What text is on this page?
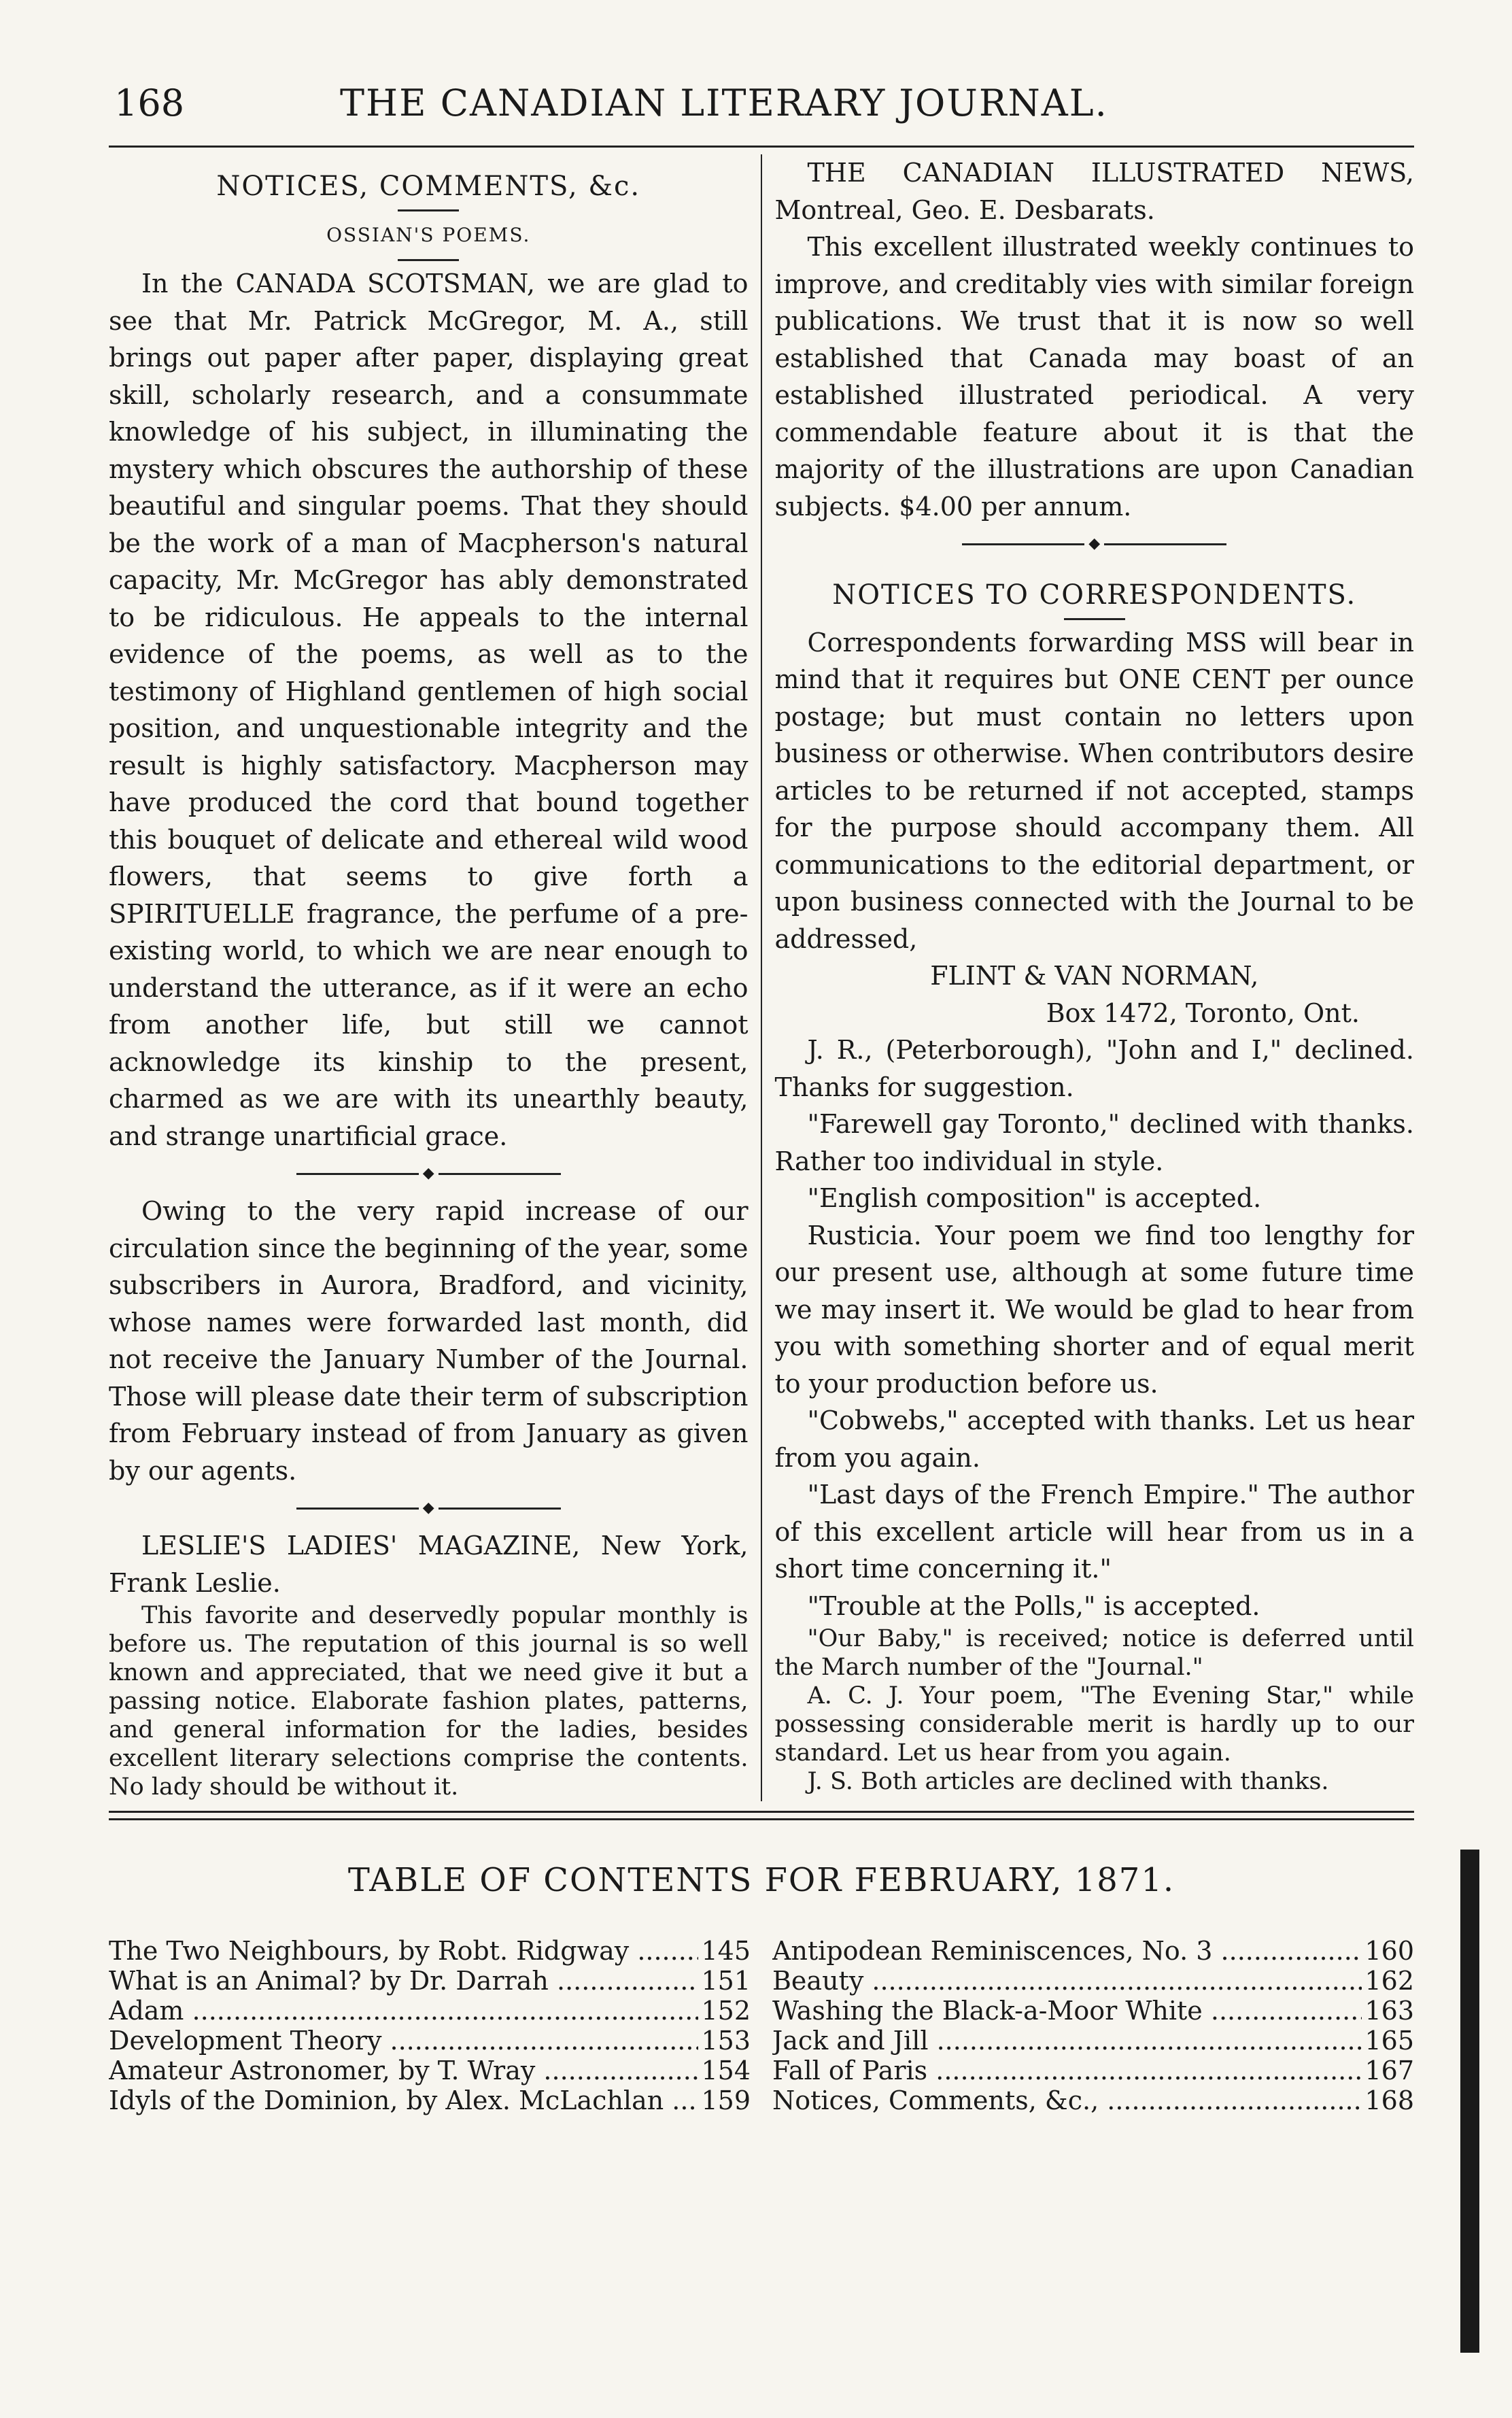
168	THE CANADIAN LITERARY JOURNAL.
NOTICES, COMMENTS, &c.
OSSIAN'S POEMS.

In the CANADA SCOTSMAN, we are glad to see that Mr. Patrick McGregor, M. A., still brings out paper after paper, displaying great skill, scholarly research, and a consummate knowledge of his subject, in illuminating the mystery which obscures the authorship of these beautiful and singular poems. That they should be the work of a man of Macpherson's natural capacity, Mr. McGregor has ably demonstrated to be ridiculous. He appeals to the internal evidence of the poems, as well as to the testimony of Highland gentlemen of high social position, and unquestionable integrity and the result is highly satisfactory. Macpherson may have produced the cord that bound together this bouquet of delicate and ethereal wild wood flowers, that seems to give forth a SPIRITUELLE fragrance, the perfume of a pre-existing world, to which we are near enough to understand the utterance, as if it were an echo from another life, but still we cannot acknowledge its kinship to the present, charmed as we are with its unearthly beauty, and strange unartificial grace.

◆

Owing to the very rapid increase of our circulation since the beginning of the year, some subscribers in Aurora, Bradford, and vicinity, whose names were forwarded last month, did not receive the January Number of the Journal. Those will please date their term of subscription from February instead of from January as given by our agents.

◆

LESLIE'S LADIES' MAGAZINE, New York, Frank Leslie.

This favorite and deservedly popular monthly is before us. The reputation of this journal is so well known and appreciated, that we need give it but a passing notice. Elaborate fashion plates, patterns, and general information for the ladies, besides excellent literary selections comprise the contents. No lady should be without it.

THE CANADIAN ILLUSTRATED NEWS, Montreal, Geo. E. Desbarats.

This excellent illustrated weekly continues to improve, and creditably vies with similar foreign publications. We trust that it is now so well established that Canada may boast of an established illustrated periodical. A very commendable feature about it is that the majority of the illustrations are upon Canadian subjects. $4.00 per annum.

◆
NOTICES TO CORRESPONDENTS.

Correspondents forwarding MSS will bear in mind that it requires but ONE CENT per ounce postage; but must contain no letters upon business or otherwise. When contributors desire articles to be returned if not accepted, stamps for the purpose should accompany them. All communications to the editorial department, or upon business connected with the Journal to be addressed,

FLINT & VAN NORMAN,

Box 1472, Toronto, Ont.

J. R., (Peterborough), "John and I," declined. Thanks for suggestion.

"Farewell gay Toronto," declined with thanks. Rather too individual in style.

"English composition" is accepted.

Rusticia. Your poem we find too lengthy for our present use, although at some future time we may insert it. We would be glad to hear from you with something shorter and of equal merit to your production before us.

"Cobwebs," accepted with thanks. Let us hear from you again.

"Last days of the French Empire." The author of this excellent article will hear from us in a short time concerning it."

"Trouble at the Polls," is accepted.

"Our Baby," is received; notice is deferred until the March number of the "Journal."

A. C. J. Your poem, "The Evening Star," while possessing considerable merit is hardly up to our standard. Let us hear from you again.

J. S. Both articles are declined with thanks.

TABLE OF CONTENTS FOR FEBRUARY, 1871.
The Two Neighbours, by Robt. Ridgway .....	145
What is an Animal? by Dr. Darrah .....	151
Adam .....	152
Development Theory .....	153
Amateur Astronomer, by T. Wray .....	154
Idyls of the Dominion, by Alex. McLachlan .....	159
Antipodean Reminiscences, No. 3 .....	160
Beauty .....	162
Washing the Black-a-Moor White .....	163
Jack and Jill .....	165
Fall of Paris .....	167
Notices, Comments, &c., .....	168
